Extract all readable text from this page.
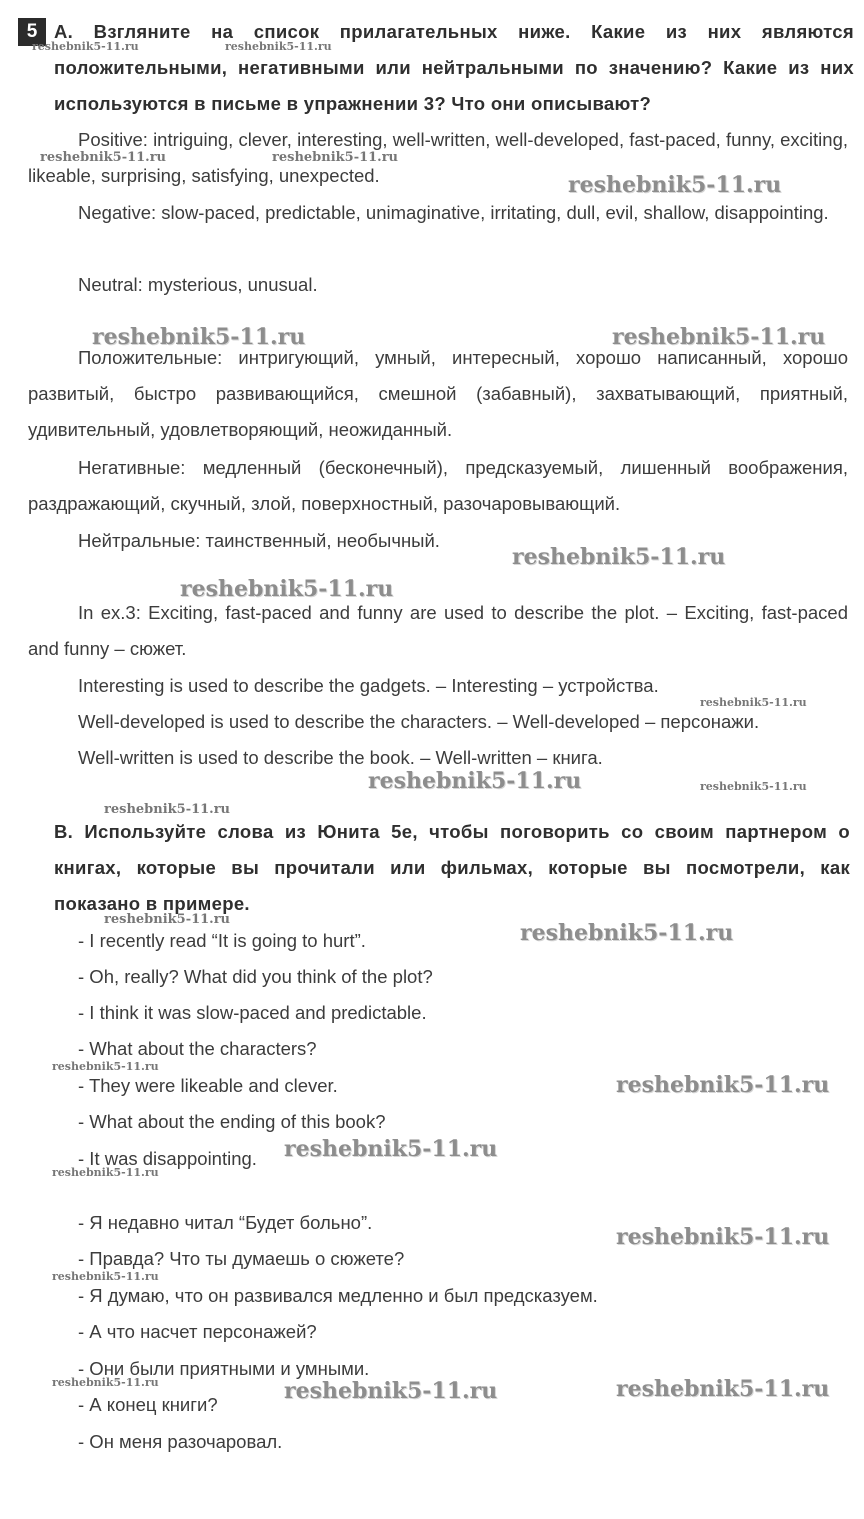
5 А. Взгляните на список прилагательных ниже. Какие из них являются положительными, негативными или нейтральными по значению? Какие из них используются в письме в упражнении 3? Что они описывают?

Positive: intriguing, clever, interesting, well-written, well-developed, fast-paced, funny, exciting, likeable, surprising, satisfying, unexpected.

Negative: slow-paced, predictable, unimaginative, irritating, dull, evil, shallow, disappointing.

Neutral: mysterious, unusual.

Положительные: интригующий, умный, интересный, хорошо написанный, хорошо развитый, быстро развивающийся, смешной (забавный), захватывающий, приятный, удивительный, удовлетворяющий, неожиданный.

Негативные: медленный (бесконечный), предсказуемый, лишенный воображения, раздражающий, скучный, злой, поверхностный, разочаровывающий.

Нейтральные: таинственный, необычный.

In ex.3: Exciting, fast-paced and funny are used to describe the plot. – Exciting, fast-paced and funny – сюжет.

Interesting is used to describe the gadgets. – Interesting – устройства.

Well-developed is used to describe the characters. – Well-developed – персонажи.

Well-written is used to describe the book. – Well-written – книга.

B. Используйте слова из Юнита 5е, чтобы поговорить со своим партнером о книгах, которые вы прочитали или фильмах, которые вы посмотрели, как показано в примере.

- I recently read “It is going to hurt”.

- Oh, really? What did you think of the plot?

- I think it was slow-paced and predictable.

- What about the characters?

- They were likeable and clever.

- What about the ending of this book?

- It was disappointing.

- Я недавно читал “Будет больно”.

- Правда? Что ты думаешь о сюжете?

- Я думаю, что он развивался медленно и был предсказуем.

- А что насчет персонажей?

- Они были приятными и умными.

- А конец книги?

- Он меня разочаровал.

reshebnik5-11.ru	reshebnik5-11.ru
reshebnik5-11.ru	reshebnik5-11.ru
reshebnik5-11.ru
reshebnik5-11.ru	reshebnik5-11.ru
reshebnik5-11.ru
reshebnik5-11.ru
reshebnik5-11.ru
reshebnik5-11.ru	reshebnik5-11.ru
reshebnik5-11.ru
reshebnik5-11.ru
reshebnik5-11.ru
reshebnik5-11.ru
reshebnik5-11.ru
reshebnik5-11.ru
reshebnik5-11.ru
reshebnik5-11.ru
reshebnik5-11.ru
reshebnik5-11.ru	reshebnik5-11.ru	reshebnik5-11.ru
